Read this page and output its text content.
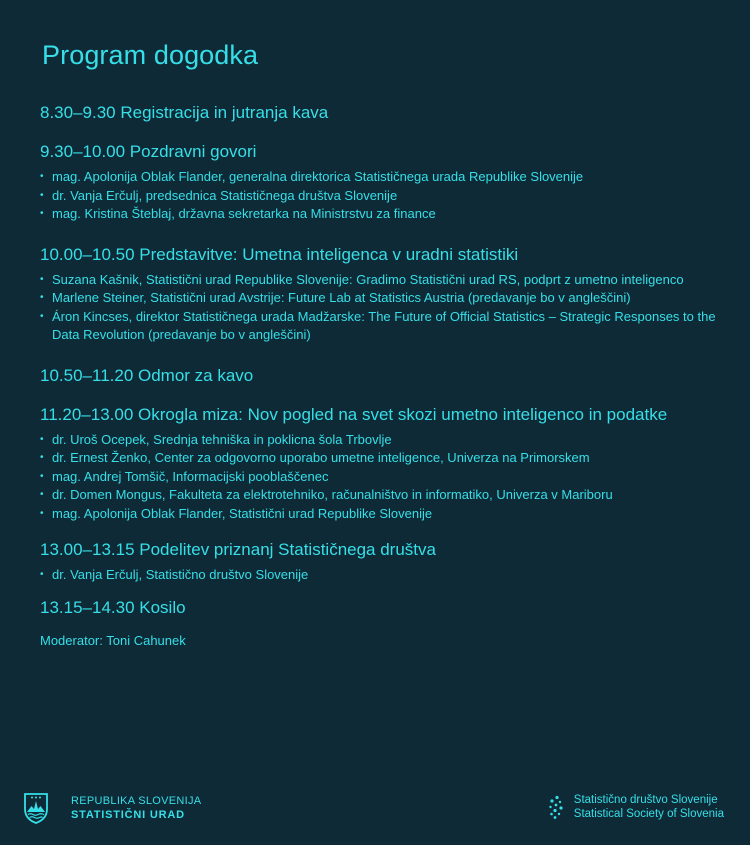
Program dogodka
8.30–9.30 Registracija in jutranja kava
9.30–10.00 Pozdravni govori
• mag. Apolonija Oblak Flander, generalna direktorica Statističnega urada Republike Slovenije
• dr. Vanja Erčulj, predsednica Statističnega društva Slovenije
• mag. Kristina Šteblaj, državna sekretarka na Ministrstvu za finance
10.00–10.50 Predstavitve: Umetna inteligenca v uradni statistiki
• Suzana Kašnik, Statistični urad Republike Slovenije: Gradimo Statistični urad RS, podprt z umetno inteligenco
• Marlene Steiner, Statistični urad Avstrije: Future Lab at Statistics Austria (predavanje bo v angleščini)
• Áron Kincses, direktor Statističnega urada Madžarske: The Future of Official Statistics – Strategic Responses to the Data Revolution (predavanje bo v angleščini)
10.50–11.20 Odmor za kavo
11.20–13.00 Okrogla miza: Nov pogled na svet skozi umetno inteligenco in podatke
• dr. Uroš Ocepek, Srednja tehniška in poklicna šola Trbovlje
• dr. Ernest Ženko, Center za odgovorno uporabo umetne inteligence, Univerza na Primorskem
• mag. Andrej Tomšič, Informacijski pooblaščenec
• dr. Domen Mongus, Fakulteta za elektrotehniko, računalništvo in informatiko, Univerza v Mariboru
• mag. Apolonija Oblak Flander, Statistični urad Republike Slovenije
13.00–13.15 Podelitev priznanj Statističnega društva
• dr. Vanja Erčulj, Statistično društvo Slovenije
13.15–14.30 Kosilo
Moderator: Toni Cahunek
REPUBLIKA SLOVENIJA
STATISTIČNI URAD
Statistično društvo Slovenije
Statistical Society of Slovenia
